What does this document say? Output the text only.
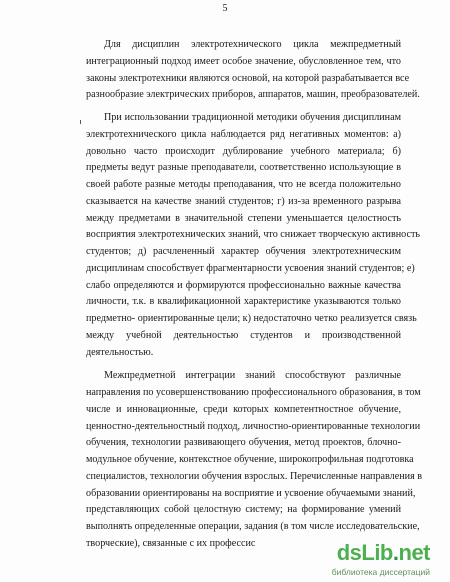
5
Для дисциплин электротехнического цикла межпредметный
интеграционный подход имеет особое значение, обусловленное тем, что
законы электротехники являются основой, на которой разрабатывается все
разнообразие электрических приборов, аппаратов, машин, преобразователей.
При использовании традиционной методики обучения дисциплинам
электротехнического цикла наблюдается ряд негативных моментов: а)
довольно часто происходит дублирование учебного материала; б)
предметы ведут разные преподаватели, соответственно использующие в
своей работе разные методы преподавания, что не всегда положительно
сказывается на качестве знаний студентов; г) из-за временного разрыва
между предметами в значительной степени уменьшается целостность
восприятия электротехнических знаний, что снижает творческую активность
студентов; д) расчлененный характер обучения электротехническим
дисциплинам способствует фрагментарности усвоения знаний студентов; е)
слабо определяются и формируются профессионально важные качества
личности, т.к. в квалификационной характеристике указываются только
предметно- ориентированные цели; к) недостаточно четко реализуется связь
между учебной деятельностью студентов и производственной
деятельностью.
Межпредметной интеграции знаний способствуют различные
направления по усовершенствованию профессионального образования, в том
числе и инновационные, среди которых компетентностное обучение,
ценностно-деятельностный подход, личностно-ориентированные технологии
обучения, технологии развивающего обучения, метод проектов, блочно-
модульное обучение, контекстное обучение, широкопрофильная подготовка
специалистов, технологии обучения взрослых. Перечисленные направления в
образовании ориентированы на восприятие и усвоение обучаемыми знаний,
представляющих собой целостную систему; на формирование умений
выполнять определенные операции, задания (в том числе исследовательские,
творческие), связанные с их профессис	dsLib.net
библиотека диссертаций
